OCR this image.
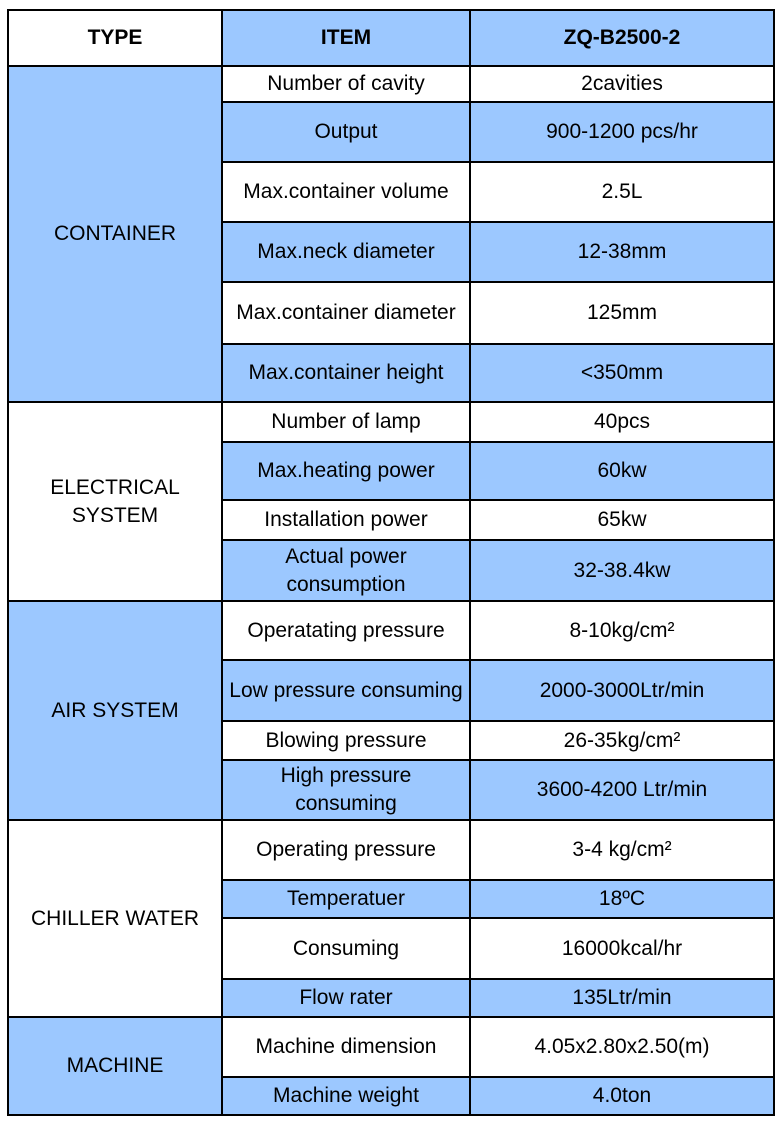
TYPE	ITEM	ZQ-B2500-2
CONTAINER	Number of cavity	2cavities
	Output	900-1200 pcs/hr
	Max.container volume	2.5L
	Max.neck diameter	12-38mm
	Max.container diameter	125mm
	Max.container height	<350mm
ELECTRICAL SYSTEM	Number of lamp	40pcs
	Max.heating power	60kw
	Installation power	65kw
	Actual power consumption	32-38.4kw
AIR SYSTEM	Operatating pressure	8-10kg/cm²
	Low pressure consuming	2000-3000Ltr/min
	Blowing pressure	26-35kg/cm²
	High pressure consuming	3600-4200 Ltr/min
CHILLER WATER	Operating pressure	3-4 kg/cm²
	Temperatuer	18ºC
	Consuming	16000kcal/hr
	Flow rater	135Ltr/min
MACHINE	Machine dimension	4.05x2.80x2.50(m)
	Machine weight	4.0ton
